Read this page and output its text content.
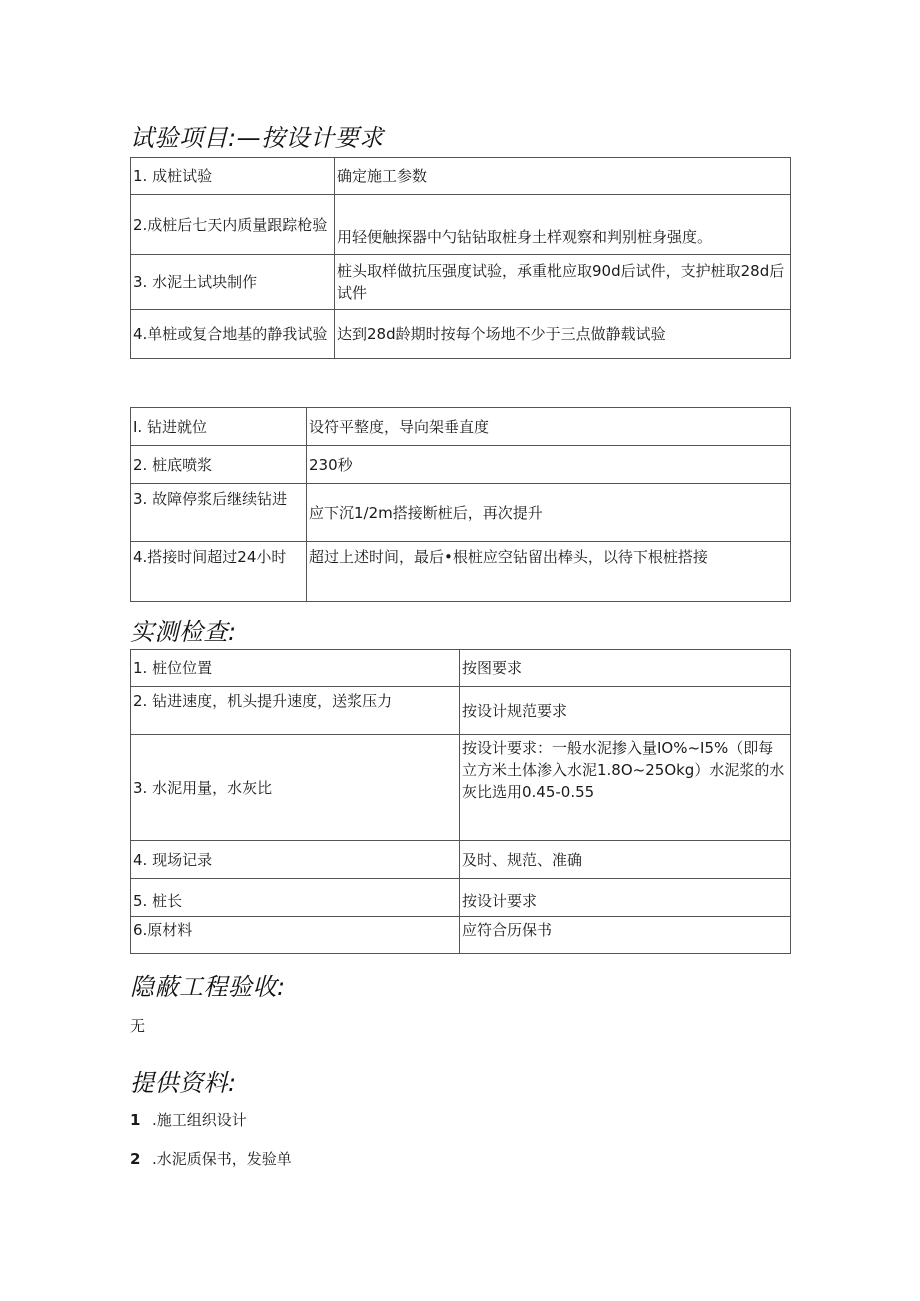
试验项目:—按设计要求
1. 成桩试验	确定施工参数
2.成桩后七天内质量跟踪枪验	用轻便触探器中勺钻钻取桩身土样观察和判别桩身强度。
3. 水泥土试块制作	桩头取样做抗压强度试验，承重枇应取90d后试件，支护桩取28d后试件
4.单桩或复合地基的静我试验	达到28d龄期时按每个场地不少于三点做静载试验
I. 钻进就位	设符平整度，导向架垂直度
2. 桩底喷浆	230秒
3. 故障停浆后继续钻进	应下沉1∕2m搭接断桩后，再次提升
4.搭接时间超过24小时	超过上述时间，最后•根桩应空钻留出棒头，以待下根桩搭接
实测检查:
1. 桩位位置	按图要求
2. 钻进速度，机头提升速度，送浆压力	按设计规范要求
3. 水泥用量，水灰比	按设计要求：一般水泥掺入量IO%~I5%（即每立方米土体渗入水泥1.8O~25Okg）水泥浆的水灰比选用0.45-0.55
4. 现场记录	及时、规范、准确
5. 桩长	按设计要求
6.原材料	应符合历保书
隐蔽工程验收:
无
提供资料:
1 .施工组织设计
2 .水泥质保书，发验单
